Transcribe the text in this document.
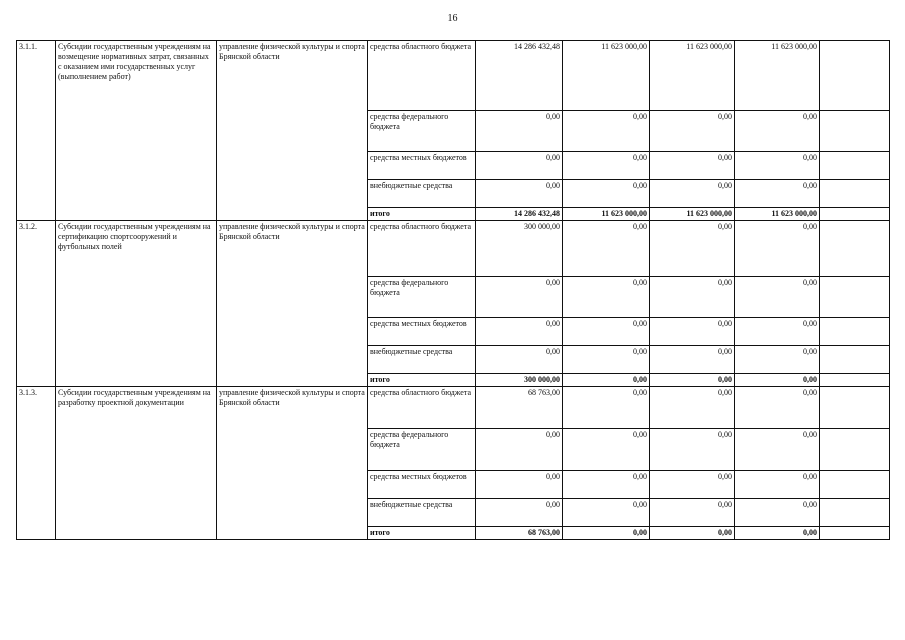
16
3.1.1.	Субсидии государственным учреждениям на возмещение нормативных затрат, связанных с оказанием ими государственных услуг (выполнением работ)	управление физической культуры и спорта Брянской области	средства областного бюджета	14 286 432,48	11 623 000,00	11 623 000,00	11 623 000,00	
			средства федерального бюджета	0,00	0,00	0,00	0,00	
			средства местных бюджетов	0,00	0,00	0,00	0,00	
			внебюджетные средства	0,00	0,00	0,00	0,00	
			итого	14 286 432,48	11 623 000,00	11 623 000,00	11 623 000,00	
3.1.2.	Субсидии государственным учреждениям на сертификацию спортсооружений и футбольных полей	управление физической культуры и спорта Брянской области	средства областного бюджета	300 000,00	0,00	0,00	0,00	
			средства федерального бюджета	0,00	0,00	0,00	0,00	
			средства местных бюджетов	0,00	0,00	0,00	0,00	
			внебюджетные средства	0,00	0,00	0,00	0,00	
			итого	300 000,00	0,00	0,00	0,00	
3.1.3.	Субсидии государственным учреждениям на разработку проектной документации	управление физической культуры и спорта Брянской области	средства областного бюджета	68 763,00	0,00	0,00	0,00	
			средства федерального бюджета	0,00	0,00	0,00	0,00	
			средства местных бюджетов	0,00	0,00	0,00	0,00	
			внебюджетные средства	0,00	0,00	0,00	0,00	
			итого	68 763,00	0,00	0,00	0,00	
